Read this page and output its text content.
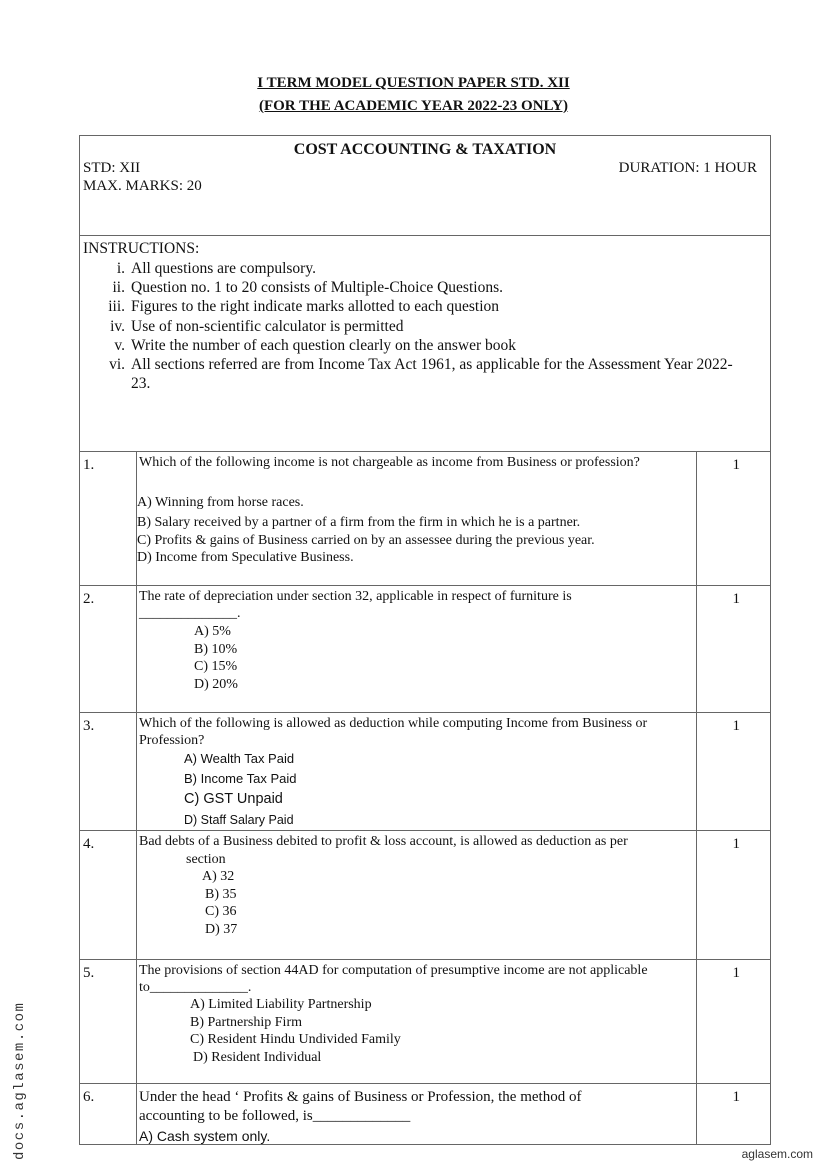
I TERM MODEL QUESTION PAPER STD. XII
(FOR THE ACADEMIC YEAR 2022-23 ONLY)
COST ACCOUNTING & TAXATION
STD: XII	DURATION: 1 HOUR
MAX. MARKS: 20
INSTRUCTIONS:
i. All questions are compulsory.
ii. Question no. 1 to 20 consists of Multiple-Choice Questions.
iii. Figures to the right indicate marks allotted to each question
iv. Use of non-scientific calculator is permitted
v. Write the number of each question clearly on the answer book
vi. All sections referred are from Income Tax Act 1961, as applicable for the Assessment Year 2022-23.
1.	Which of the following income is not chargeable as income from Business or profession?
A) Winning from horse races.
B) Salary received by a partner of a firm from the firm in which he is a partner.
C) Profits & gains of Business carried on by an assessee during the previous year.
D) Income from Speculative Business.
1
2.	The rate of depreciation under section 32, applicable in respect of furniture is
______________.
A) 5%
B) 10%
C) 15%
D) 20%
1
3.	Which of the following is allowed as deduction while computing Income from Business or Profession?
A) Wealth Tax Paid
B) Income Tax Paid
C) GST Unpaid
D) Staff Salary Paid
1
4.	Bad debts of a Business debited to profit & loss account, is allowed as deduction as per
section
A) 32
B) 35
C) 36
D) 37
1
5.	The provisions of section 44AD for computation of presumptive income are not applicable
to______________.
A) Limited Liability Partnership
B) Partnership Firm
C) Resident Hindu Undivided Family
D) Resident Individual
1
6.	Under the head ‘ Profits & gains of Business or Profession, the method of
accounting to be followed, is_____________
A) Cash system only.
1
docs.aglasem.com	aglasem.com
